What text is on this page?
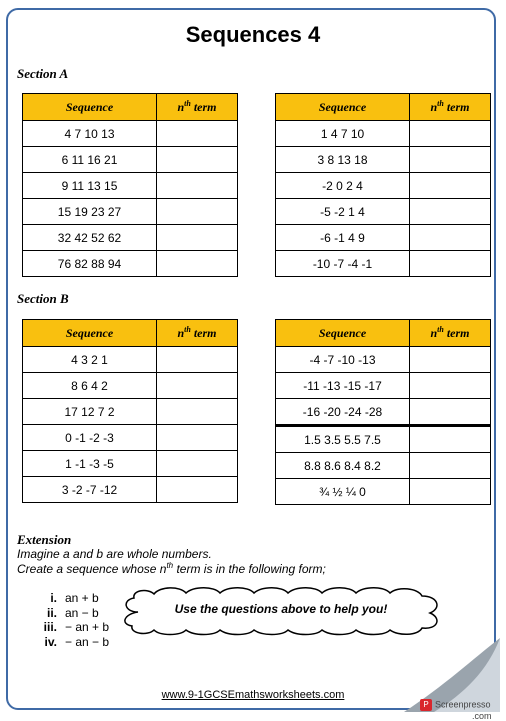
Sequences 4
Section A
Sequence	$n^{th}$ term
4 7 10 13	
6 11 16 21	
9 11 13 15	
15 19 23 27	
32 42 52 62	
76 82 88 94	
Sequence	$n^{th}$ term
1 4 7 10	
3 8 13 18	
-2 0 2 4	
-5 -2 1 4	
-6 -1 4 9	
-10 -7 -4 -1	
Section B
Sequence	$n^{th}$ term
4 3 2 1	
8 6 4 2	
17 12 7 2	
0 -1 -2 -3	
1 -1 -3 -5	
3 -2 -7 -12	
Sequence	$n^{th}$ term
-4 -7 -10 -13	
-11 -13 -15 -17	
-16 -20 -24 -28	
1.5 3.5 5.5 7.5	
8.8 8.6 8.4 8.2	
¾ ½ ¼ 0	
Extension
Imagine a and b are whole numbers.
Create a sequence whose $n^{th}$ term is in the following form;
i. an + b
ii. an − b
iii. − an + b
iv. − an − b
Use the questions above to help you!
www.9-1GCSEmathsworksheets.com
P Screenpresso
.com
